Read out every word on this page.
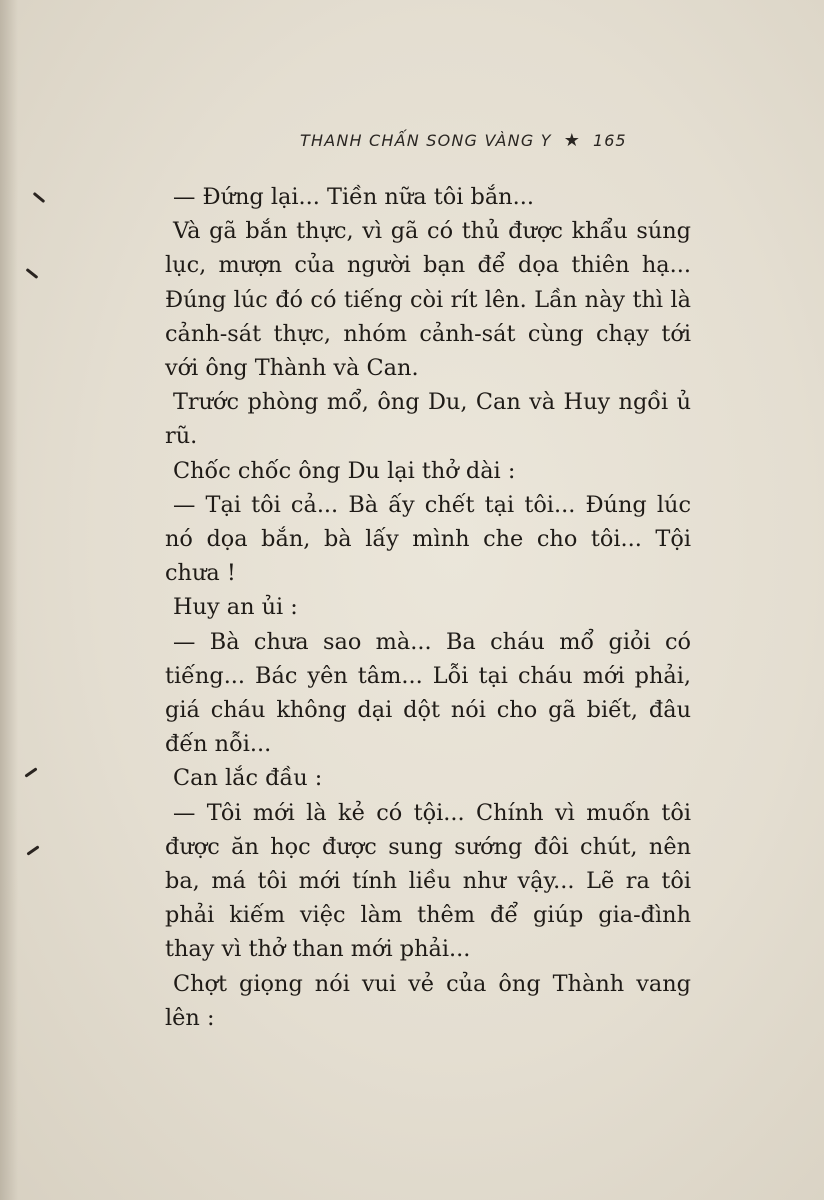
THANH CHẤN SONG VÀNG Y ★ 165

— Đứng lại... Tiền nữa tôi bắn...

Và gã bắn thực, vì gã có thủ được khẩu súng lục, mượn của người bạn để dọa thiên hạ... Đúng lúc đó có tiếng còi rít lên. Lần này thì là cảnh-sát thực, nhóm cảnh-sát cùng chạy tới với ông Thành và Can.

Trước phòng mổ, ông Du, Can và Huy ngồi ủ rũ.

Chốc chốc ông Du lại thở dài :

— Tại tôi cả... Bà ấy chết tại tôi... Đúng lúc nó dọa bắn, bà lấy mình che cho tôi... Tội chưa !

Huy an ủi :

— Bà chưa sao mà... Ba cháu mổ giỏi có tiếng... Bác yên tâm... Lỗi tại cháu mới phải, giá cháu không dại dột nói cho gã biết, đâu đến nỗi...

Can lắc đầu :

— Tôi mới là kẻ có tội... Chính vì muốn tôi được ăn học được sung sướng đôi chút, nên ba, má tôi mới tính liều như vậy... Lẽ ra tôi phải kiếm việc làm thêm để giúp gia-đình thay vì thở than mới phải...

Chợt giọng nói vui vẻ của ông Thành vang lên :
